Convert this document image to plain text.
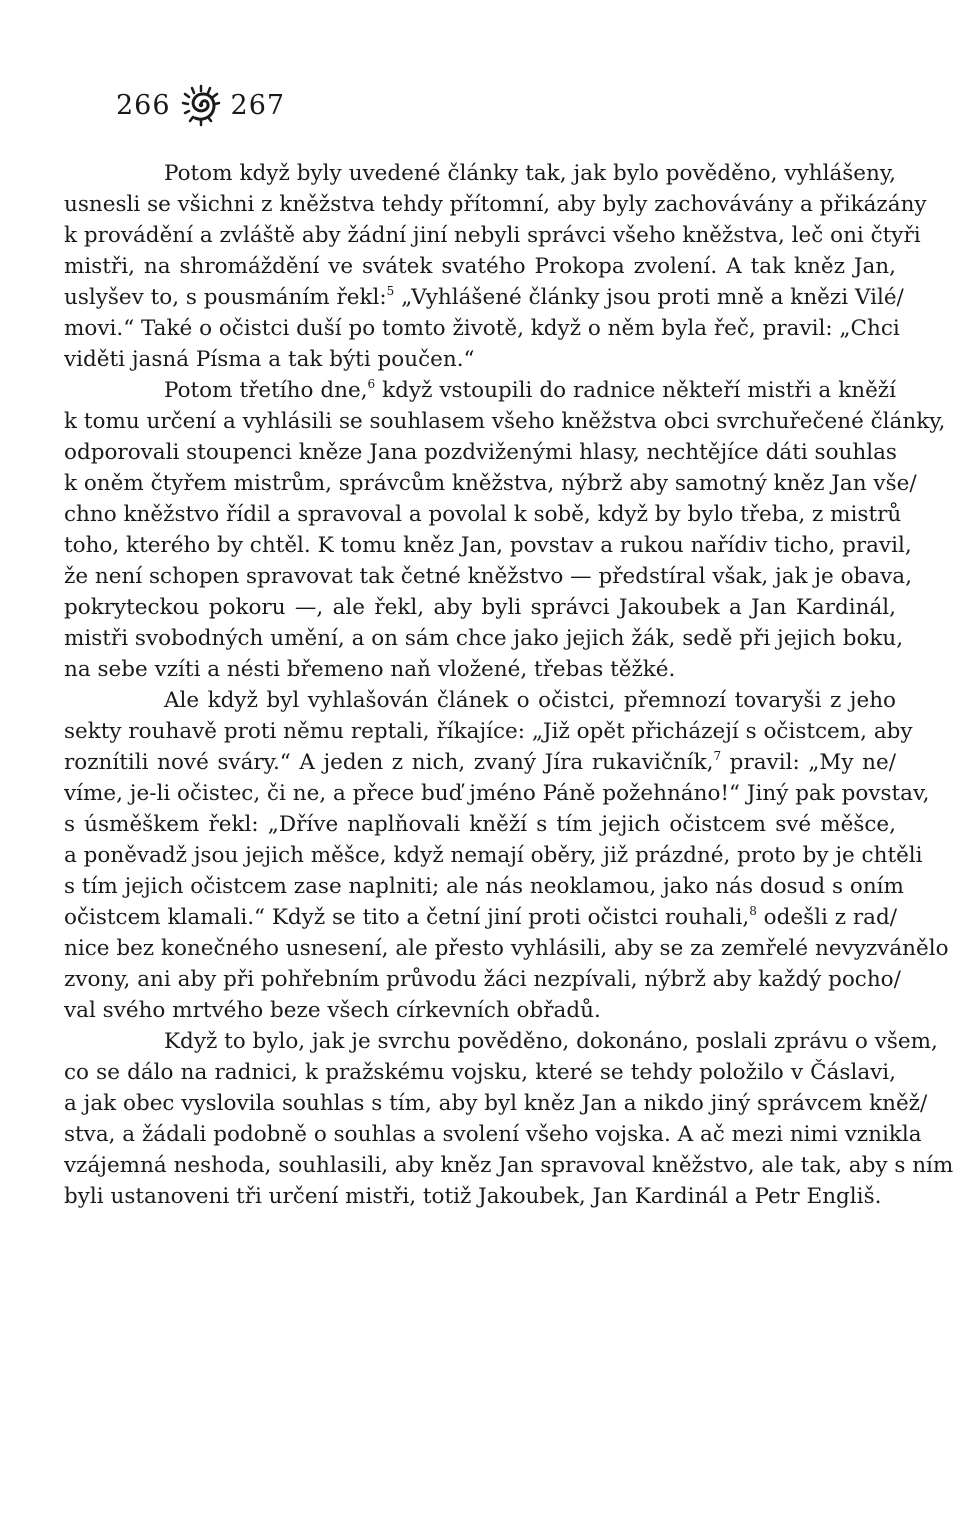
266 267
Potom když byly uvedené články tak, jak bylo pověděno, vyhlášeny,
usnesli se všichni z kněžstva tehdy přítomní, aby byly zachovávány a přikázány
k provádění a zvláště aby žádní jiní nebyli správci všeho kněžstva, leč oni čtyři
mistři, na shromáždění ve svátek svatého Prokopa zvolení. A tak kněz Jan,
uslyšev to, s pousmáním řekl:$^5$ „Vyhlášené články jsou proti mně a knězi Vilé/
movi.“ Také o očistci duší po tomto životě, když o něm byla řeč, pravil: „Chci
viděti jasná Písma a tak býti poučen.“
Potom třetího dne,$^6$ když vstoupili do radnice někteří mistři a kněží
k tomu určení a vyhlásili se souhlasem všeho kněžstva obci svrchuřečené články,
odporovali stoupenci kněze Jana pozdviženými hlasy, nechtějíce dáti souhlas
k oněm čtyřem mistrům, správcům kněžstva, nýbrž aby samotný kněz Jan vše/
chno kněžstvo řídil a spravoval a povolal k sobě, když by bylo třeba, z mistrů
toho, kterého by chtěl. K tomu kněz Jan, povstav a rukou nařídiv ticho, pravil,
že není schopen spravovat tak četné kněžstvo — předstíral však, jak je obava,
pokryteckou pokoru —, ale řekl, aby byli správci Jakoubek a Jan Kardinál,
mistři svobodných umění, a on sám chce jako jejich žák, sedě při jejich boku,
na sebe vzíti a nésti břemeno naň vložené, třebas těžké.
Ale když byl vyhlašován článek o očistci, přemnozí tovaryši z jeho
sekty rouhavě proti němu reptali, říkajíce: „Již opět přicházejí s očistcem, aby
roznítili nové sváry.“ A jeden z nich, zvaný Jíra rukavičník,$^7$ pravil: „My ne/
víme, je-li očistec, či ne, a přece buď jméno Páně požehnáno!“ Jiný pak povstav,
s úsměškem řekl: „Dříve naplňovali kněží s tím jejich očistcem své měšce,
a poněvadž jsou jejich měšce, když nemají oběry, již prázdné, proto by je chtěli
s tím jejich očistcem zase naplniti; ale nás neoklamou, jako nás dosud s oním
očistcem klamali.“ Když se tito a četní jiní proti očistci rouhali,$^8$ odešli z rad/
nice bez konečného usnesení, ale přesto vyhlásili, aby se za zemřelé nevyzvánělo
zvony, ani aby při pohřebním průvodu žáci nezpívali, nýbrž aby každý pocho/
val svého mrtvého beze všech církevních obřadů.
Když to bylo, jak je svrchu pověděno, dokonáno, poslali zprávu o všem,
co se dálo na radnici, k pražskému vojsku, které se tehdy položilo v Čáslavi,
a jak obec vyslovila souhlas s tím, aby byl kněz Jan a nikdo jiný správcem kněž/
stva, a žádali podobně o souhlas a svolení všeho vojska. A ač mezi nimi vznikla
vzájemná neshoda, souhlasili, aby kněz Jan spravoval kněžstvo, ale tak, aby s ním
byli ustanoveni tři určení mistři, totiž Jakoubek, Jan Kardinál a Petr Engliš.
